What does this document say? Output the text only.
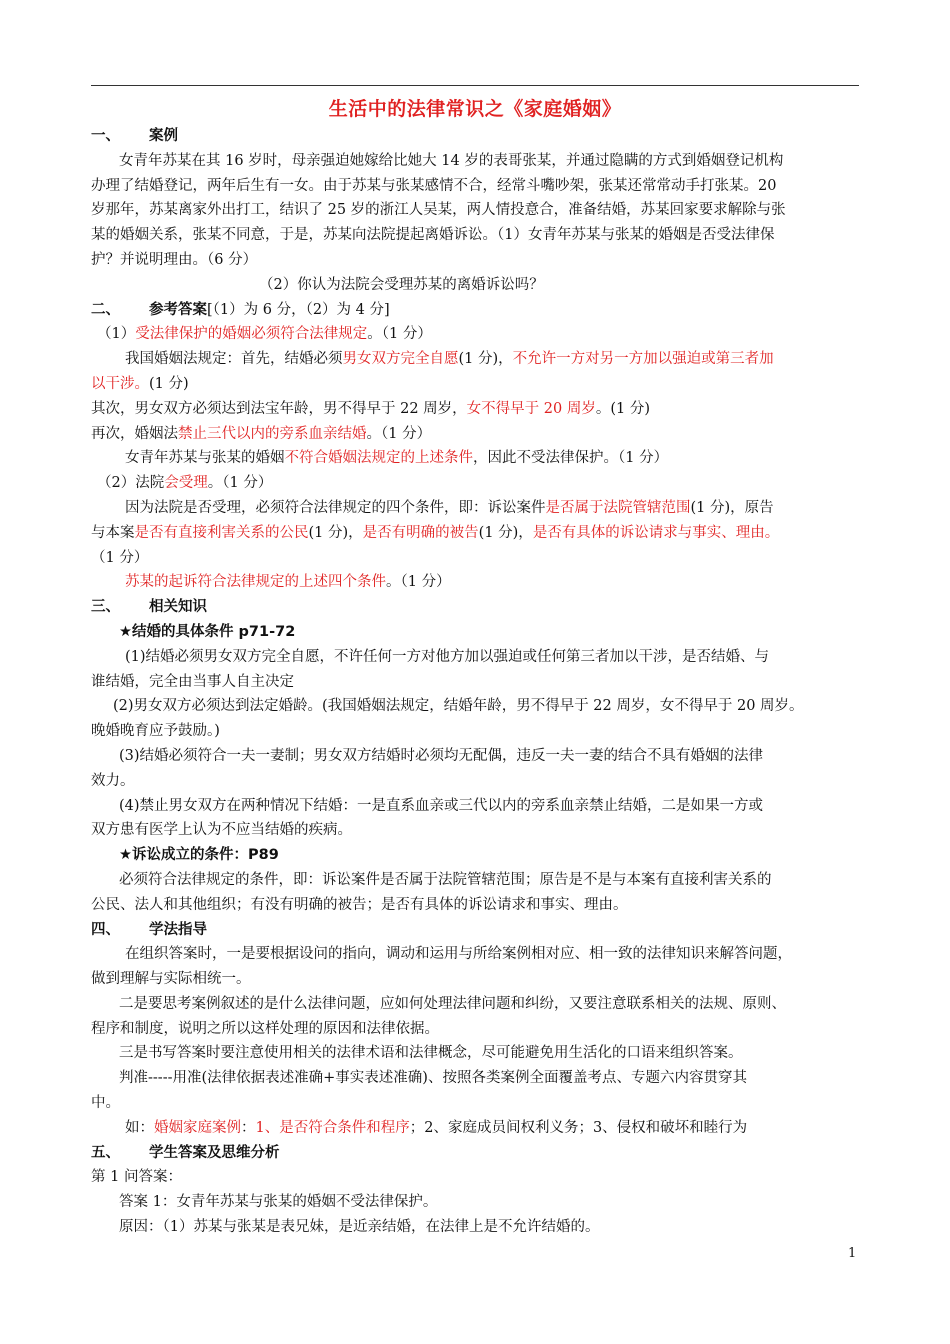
生活中的法律常识之《家庭婚姻》
一、 案例
女青年苏某在其 16 岁时，母亲强迫她嫁给比她大 14 岁的表哥张某，并通过隐瞒的方式到婚姻登记机构
办理了结婚登记，两年后生有一女。由于苏某与张某感情不合，经常斗嘴吵架，张某还常常动手打张某。20
岁那年，苏某离家外出打工，结识了 25 岁的浙江人吴某，两人情投意合，准备结婚，苏某回家要求解除与张
某的婚姻关系，张某不同意，于是，苏某向法院提起离婚诉讼。（1）女青年苏某与张某的婚姻是否受法律保
护？并说明理由。（6 分）
（2）你认为法院会受理苏某的离婚诉讼吗？
二、 参考答案[（1）为 6 分，（2）为 4 分]
（1）受法律保护的婚姻必须符合法律规定。（1 分）
我国婚姻法规定：首先，结婚必须男女双方完全自愿(1 分)，不允许一方对另一方加以强迫或第三者加
以干涉。(1 分)
其次，男女双方必须达到法宝年龄，男不得早于 22 周岁，女不得早于 20 周岁。(1 分)
再次，婚姻法禁止三代以内的旁系血亲结婚。（1 分）
女青年苏某与张某的婚姻不符合婚姻法规定的上述条件，因此不受法律保护。（1 分）
（2）法院会受理。（1 分）
因为法院是否受理，必须符合法律规定的四个条件，即：诉讼案件是否属于法院管辖范围(1 分)，原告
与本案是否有直接利害关系的公民(1 分)，是否有明确的被告(1 分)，是否有具体的诉讼请求与事实、理由。
（1 分）
苏某的起诉符合法律规定的上述四个条件。（1 分）
三、 相关知识
★结婚的具体条件 p71-72
(1)结婚必须男女双方完全自愿，不许任何一方对他方加以强迫或任何第三者加以干涉，是否结婚、与
谁结婚，完全由当事人自主决定
(2)男女双方必须达到法定婚龄。(我国婚姻法规定，结婚年龄，男不得早于 22 周岁，女不得早于 20 周岁。
晚婚晚育应予鼓励。)
(3)结婚必须符合一夫一妻制；男女双方结婚时必须均无配偶，违反一夫一妻的结合不具有婚姻的法律
效力。
(4)禁止男女双方在两种情况下结婚：一是直系血亲或三代以内的旁系血亲禁止结婚，二是如果一方或
双方患有医学上认为不应当结婚的疾病。
★诉讼成立的条件：P89
必须符合法律规定的条件，即：诉讼案件是否属于法院管辖范围；原告是不是与本案有直接利害关系的
公民、法人和其他组织；有没有明确的被告；是否有具体的诉讼请求和事实、理由。
四、 学法指导
在组织答案时，一是要根据设问的指向，调动和运用与所给案例相对应、相一致的法律知识来解答问题，
做到理解与实际相统一。
二是要思考案例叙述的是什么法律问题，应如何处理法律问题和纠纷，又要注意联系相关的法规、原则、
程序和制度，说明之所以这样处理的原因和法律依据。
三是书写答案时要注意使用相关的法律术语和法律概念，尽可能避免用生活化的口语来组织答案。
判准-----用准(法律依据表述准确+事实表述准确)、按照各类案例全面覆盖考点、专题六内容贯穿其
中。
如：婚姻家庭案例：1、是否符合条件和程序；2、家庭成员间权利义务；3、侵权和破坏和睦行为
五、 学生答案及思维分析
第 1 问答案：
答案 1：女青年苏某与张某的婚姻不受法律保护。
原因：（1）苏某与张某是表兄妹，是近亲结婚，在法律上是不允许结婚的。
1
